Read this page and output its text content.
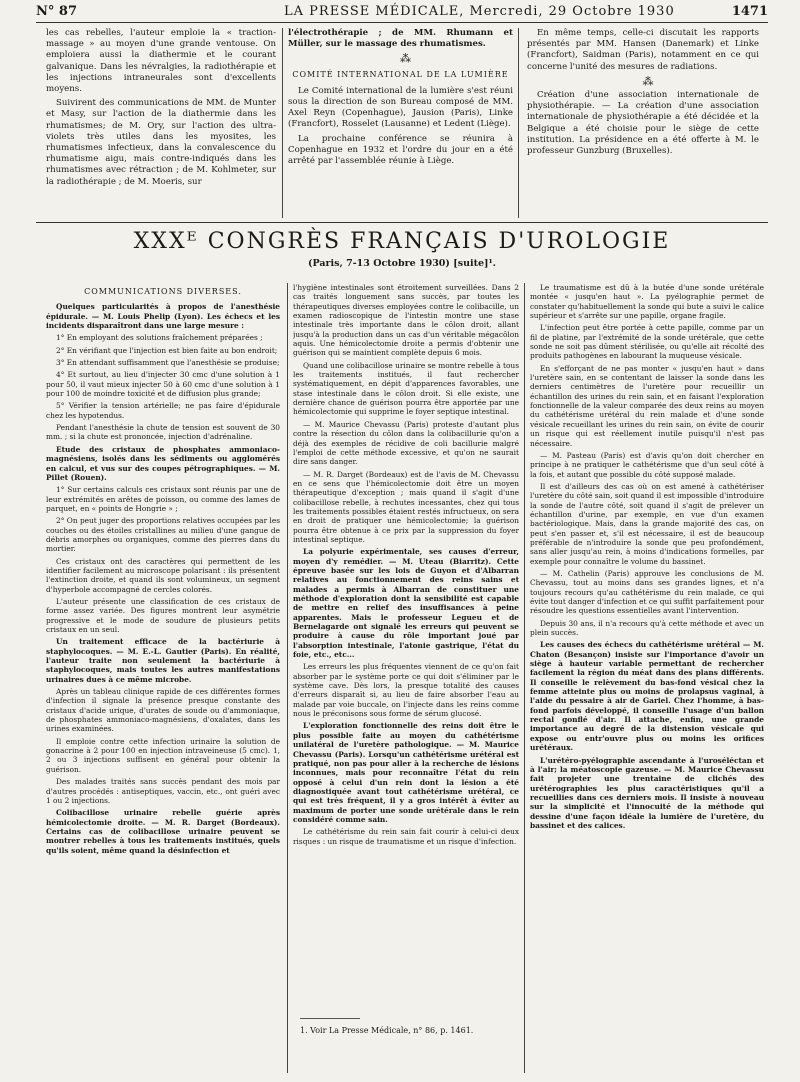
N° 87	LA PRESSE MÉDICALE, Mercredi, 29 Octobre 1930	1471

les cas rebelles, l'auteur emploie la « traction-massage » au moyen d'une grande ventouse. On emploiera aussi la diathermie et le courant galvanique. Dans les névralgies, la radiothérapie et les injections intraneurales sont d'excellents moyens.

Suivirent des communications de MM. de Munter et Masy, sur l'action de la diathermie dans les rhumatismes; de M. Ory, sur l'action des ultra-violets très utiles dans les myosites, les rhumatismes infectieux, dans la convalescence du rhumatisme aigu, mais contre-indiqués dans les rhumatismes avec rétraction ; de M. Kohlmeter, sur la radiothérapie ; de M. Moeris, sur

l'électrothérapie ; de MM. Rhumann et Müller, sur le massage des rhumatismes.

⁂

COMITÉ INTERNATIONAL DE LA LUMIÈRE

Le Comité international de la lumière s'est réuni sous la direction de son Bureau composé de MM. Axel Reyn (Copenhague), Jausion (Paris), Linke (Francfort), Rosselet (Lausanne) et Ledent (Liège).

La prochaine conférence se réunira à Copenhague en 1932 et l'ordre du jour en a été arrêté par l'assemblée réunie à Liège.

En même temps, celle-ci discutait les rapports présentés par MM. Hansen (Danemark) et Linke (Francfort), Saidman (Paris), notamment en ce qui concerne l'unité des mesures de radiations.

⁂

Création d'une association internationale de physiothérapie. — La création d'une association internationale de physiothérapie a été décidée et la Belgique a été choisie pour le siège de cette institution. La présidence en a été offerte à M. le professeur Gunzburg (Bruxelles).

XXXᴱ CONGRÈS FRANÇAIS D'UROLOGIE
(Paris, 7-13 Octobre 1930) [suite]¹.

COMMUNICATIONS DIVERSES.

Quelques particularités à propos de l'anesthésie épidurale. — M. Louis Phelip (Lyon). Les échecs et les incidents disparaîtront dans une large mesure :

1° En employant des solutions fraîchement préparées ;

2° En vérifiant que l'injection est bien faite au bon endroit;

3° En attendant suffisamment que l'anesthésie se produise;

4° Et surtout, au lieu d'injecter 30 cmc d'une solution à 1 pour 50, il vaut mieux injecter 50 à 60 cmc d'une solution à 1 pour 100 de moindre toxicité et de diffusion plus grande;

5° Vérifier la tension artérielle; ne pas faire d'épidurale chez les hypotendus.

Pendant l'anesthésie la chute de tension est souvent de 30 mm. ; si la chute est prononcée, injection d'adrénaline.

Etude des cristaux de phosphates ammoniaco-magnésiens, isolés dans les sédiments ou agglomérés en calcul, et vus sur des coupes pétrographiques. — M. Pillet (Rouen).

1° Sur certains calculs ces cristaux sont réunis par une de leur extrémités en arêtes de poisson, ou comme des lames de parquet, en « points de Hongrie » ;

2° On peut juger des proportions relatives occupées par les couches ou des étoiles cristallines au milieu d'une gangue de débris amorphes ou organiques, comme des pierres dans du mortier.

Ces cristaux ont des caractères qui permettent de les identifier facilement au microscope polarisant : ils présentent l'extinction droite, et quand ils sont volumineux, un segment d'hyperbole accompagné de cercles colorés.

L'auteur présente une classification de ces cristaux de forme assez variée. Des figures montrent leur asymétrie progressive et le mode de soudure de plusieurs petits cristaux en un seul.

Un traitement efficace de la bactériurie à staphylocoques. — M. E.-L. Gautier (Paris). En réalité, l'auteur traite non seulement la bactériurie à staphylocoques, mais toutes les autres manifestations urinaires dues à ce même microbe.

Après un tableau clinique rapide de ces différentes formes d'infection il signale la présence presque constante des cristaux d'acide urique, d'urates de soude ou d'ammoniaque, de phosphates ammoniaco-magnésiens, d'oxalates, dans les urines examinées.

Il emploie contre cette infection urinaire la solution de gonacrine à 2 pour 100 en injection intraveineuse (5 cmc). 1, 2 ou 3 injections suffisent en général pour obtenir la guérison.

Des malades traités sans succès pendant des mois par d'autres procédés : antiseptiques, vaccin, etc., ont guéri avec 1 ou 2 injections.

Colibacillose urinaire rebelle guérie après hémicolectomie droite. — M. R. Darget (Bordeaux). Certains cas de colibacillose urinaire peuvent se montrer rebelles à tous les traitements institués, quels qu'ils soient, même quand la désinfection et

l'hygiène intestinales sont étroitement surveillées. Dans 2 cas traités longuement sans succès, par toutes les thérapeutiques diverses employées contre le colibacille, un examen radioscopique de l'intestin montre une stase intestinale très importante dans le côlon droit, allant jusqu'à la production dans un cas d'un véritable mégacôlon aquis. Une hémicolectomie droite a permis d'obtenir une guérison qui se maintient complète depuis 6 mois.

Quand une colibacillose urinaire se montre rebelle à tous les traitements institués, il faut rechercher systématiquement, en dépit d'apparences favorables, une stase intestinale dans le côlon droit. Si elle existe, une dernière chance de guérison pourra être apportée par une hémicolectomie qui supprime le foyer septique intestinal.

— M. Maurice Chevassu (Paris) proteste d'autant plus contre la résection du côlon dans la colibacillurie qu'on a déjà des exemples de récidive de coli bacillurie malgré l'emploi de cette méthode excessive, et qu'on ne saurait dire sans danger.

— M. R. Darget (Bordeaux) est de l'avis de M. Chevassu en ce sens que l'hémicolectomie doit être un moyen thérapeutique d'exception ; mais quand il s'agit d'une colibacillose rebelle, à rechutes incessantes, chez qui tous les traitements possibles étaient restés infructueux, on sera en droit de pratiquer une hémicolectomie; la guérison pourra être obtenue à ce prix par la suppression du foyer intestinal septique.

La polyurie expérimentale, ses causes d'erreur, moyen d'y remédier. — M. Uteau (Biarritz). Cette épreuve basée sur les lois de Guyon et d'Albarran relatives au fonctionnement des reins sains et malades a permis à Albarran de constituer une méthode d'exploration dont la sensibilité est capable de mettre en relief des insuffisances à peine apparentes. Mais le professeur Legueu et de Bernelagarde ont signalé les erreurs qui peuvent se produire à cause du rôle important joué par l'absorption intestinale, l'atonie gastrique, l'état du foie, etc., etc...

Les erreurs les plus fréquentes viennent de ce qu'on fait absorber par le système porte ce qui doit s'éliminer par le système cave. Dès lors, la presque totalité des causes d'erreurs disparaît si, au lieu de faire absorber l'eau au malade par voie buccale, on l'injecte dans les reins comme nous le préconisons sous forme de sérum glucosé.

L'exploration fonctionnelle des reins doit être le plus possible faite au moyen du cathétérisme unilatéral de l'uretère pathologique. — M. Maurice Chevassu (Paris). Lorsqu'un cathétérisme urétéral est pratiqué, non pas pour aller à la recherche de lésions inconnues, mais pour reconnaître l'état du rein opposé à celui d'un rein dont la lésion a été diagnostiquée avant tout cathétérisme urétéral, ce qui est très fréquent, il y a gros intérêt à éviter au maximum de porter une sonde urétérale dans le rein considéré comme sain.

Le cathétérisme du rein sain fait courir à celui-ci deux risques : un risque de traumatisme et un risque d'infection.

1. Voir La Presse Médicale, n° 86, p. 1461.

Le traumatisme est dû à la butée d'une sonde urétérale montée « jusqu'en haut ». La pyélographie permet de constater qu'habituellement la sonde qui bute a suivi le calice supérieur et s'arrête sur une papille, organe fragile.

L'infection peut être portée à cette papille, comme par un fil de platine, par l'extrémité de la sonde urétérale, que cette sonde ne soit pas dûment stérilisée, ou qu'elle ait récolté des produits pathogènes en labourant la muqueuse vésicale.

En s'efforçant de ne pas monter « jusqu'en haut » dans l'uretère sain, en se contentant de laisser la sonde dans les derniers centimètres de l'uretère pour recueillir un échantillon des urines du rein sain, et en faisant l'exploration fonctionnelle de la valeur comparée des deux reins au moyen du cathétérisme urétéral du rein malade et d'une sonde vésicale recueillant les urines du rein sain, on évite de courir un risque qui est réellement inutile puisqu'il n'est pas nécessaire.

— M. Pasteau (Paris) est d'avis qu'on doit chercher en principe à ne pratiquer le cathétérisme que d'un seul côté à la fois, et autant que possible du côté supposé malade.

Il est d'ailleurs des cas où on est amené à cathétériser l'uretère du côté sain, soit quand il est impossible d'introduire la sonde de l'autre côté, soit quand il s'agit de prélever un échantillon d'urine, par exemple, en vue d'un examen bactériologique. Mais, dans la grande majorité des cas, on peut s'en passer et, s'il est nécessaire, il est de beaucoup préférable de n'introduire la sonde que peu profondément, sans aller jusqu'au rein, à moins d'indications formelles, par exemple pour connaître le volume du bassinet.

— M. Cathelin (Paris) approuve les conclusions de M. Chevassu, tout au moins dans ses grandes lignes, et n'a toujours recours qu'au cathétérisme du rein malade, ce qui évite tout danger d'infection et ce qui suffit parfaitement pour résoudre les questions essentielles avant l'intervention.

Depuis 30 ans, il n'a recours qu'à cette méthode et avec un plein succès.

Les causes des échecs du cathétérisme urétéral — M. Chaton (Besançon) insiste sur l'importance d'avoir un siège à hauteur variable permettant de rechercher facilement la région du méat dans des plans différents. Il conseille le relèvement du bas-fond vésical chez la femme atteinte plus ou moins de prolapsus vaginal, à l'aide du pessaire à air de Gariel. Chez l'homme, à bas-fond parfois développé, il conseille l'usage d'un ballon rectal gonflé d'air. Il attache, enfin, une grande importance au degré de la distension vésicale qui expose ou entr'ouvre plus ou moins les orifices urétéraux.

L'urétéro-pyélographie ascendante à l'uroséléctan et à l'air; la méatoscopie gazeuse. — M. Maurice Chevassu fait projeter une trentaine de clichés des urétérographies les plus caractéristiques qu'il a recueillies dans ces derniers mois. Il insiste à nouveau sur la simplicité et l'innocuité de la méthode qui dessine d'une façon idéale la lumière de l'uretère, du bassinet et des calices.
